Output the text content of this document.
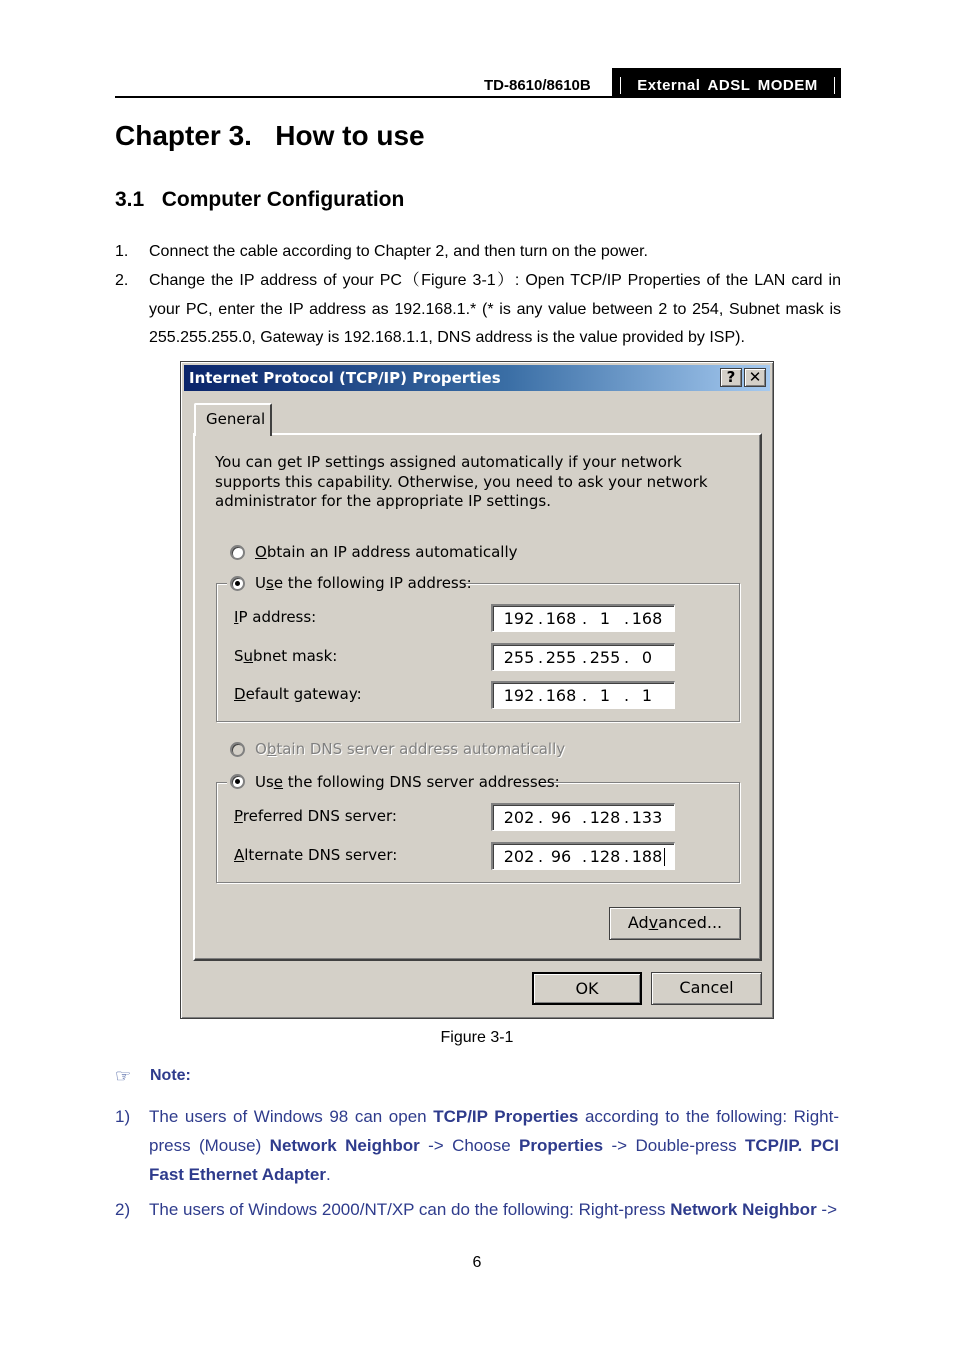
TD-8610/8610B	External ADSL MODEM
Chapter 3.   How to use
3.1   Computer Configuration
1. Connect the cable according to Chapter 2, and then turn on the power.
2. Change the IP address of your PC（Figure 3-1）: Open TCP/IP Properties of the LAN card in your PC, enter the IP address as 192.168.1.* (* is any value between 2 to 254, Subnet mask is 255.255.255.0, Gateway is 192.168.1.1, DNS address is the value provided by ISP).
Internet Protocol (TCP/IP) Properties	? ✕
General
You can get IP settings assigned automatically if your network supports this capability. Otherwise, you need to ask your network administrator for the appropriate IP settings.
Obtain an IP address automatically
Use the following IP address:
IP address:	192 . 168 . 1 . 168
Subnet mask:	255 . 255 . 255 . 0
Default gateway:	192 . 168 . 1 . 1
Obtain DNS server address automatically
Use the following DNS server addresses:
Preferred DNS server:	202 . 96 . 128 . 133
Alternate DNS server:	202 . 96 . 128 . 188
Advanced...
OK	Cancel
Figure 3-1
☞ Note:
1) The users of Windows 98 can open TCP/IP Properties according to the following: Right-press (Mouse) Network Neighbor -> Choose Properties -> Double-press TCP/IP. PCI Fast Ethernet Adapter.
2) The users of Windows 2000/NT/XP can do the following: Right-press Network Neighbor ->
6
